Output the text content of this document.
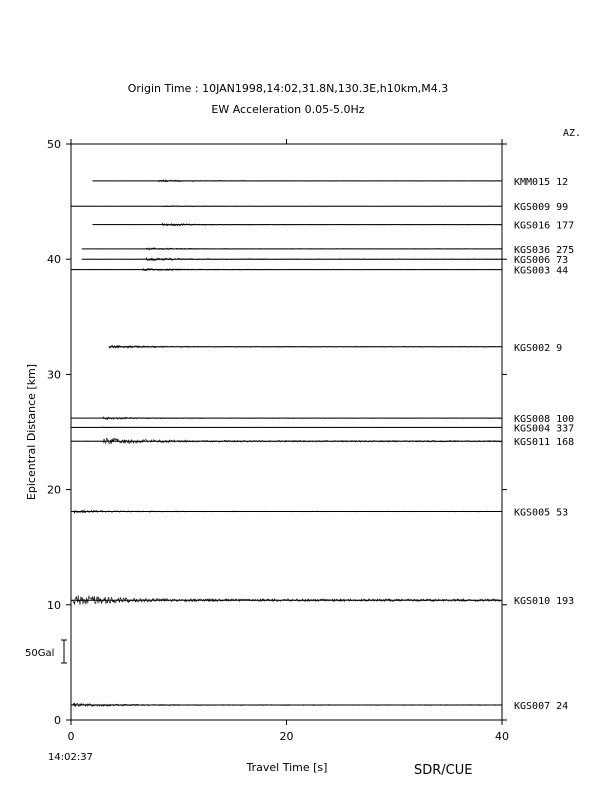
Origin Time : 10JAN1998,14:02,31.8N,130.3E,h10km,M4.3
EW Acceleration 0.05-5.0Hz
AZ.
0
10
20
30
40
50
0	20	40
KMM015 12
KGS009 99
KGS016 177
KGS036 275
KGS006 73
KGS003 44
KGS002 9
KGS008 100
KGS004 337
KGS011 168
KGS005 53
KGS010 193
KGS007 24
50Gal
Travel Time [s]
Epicentral Distance [km]
14:02:37
SDR/CUE
